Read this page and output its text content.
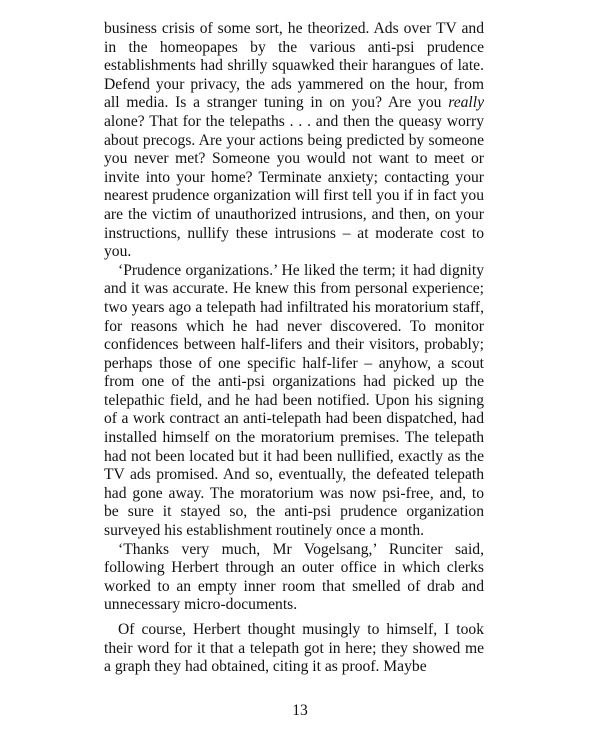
business crisis of some sort, he theorized. Ads over TV and in the homeopapes by the various anti-psi prudence establishments had shrilly squawked their harangues of late. Defend your privacy, the ads yammered on the hour, from all media. Is a stranger tuning in on you? Are you really alone? That for the telepaths . . . and then the queasy worry about precogs. Are your actions being predicted by someone you never met? Someone you would not want to meet or invite into your home? Terminate anxiety; contacting your nearest prudence organization will first tell you if in fact you are the victim of unauthorized intrusions, and then, on your instructions, nullify these intrusions – at moderate cost to you.

‘Prudence organizations.’ He liked the term; it had dignity and it was accurate. He knew this from personal experience; two years ago a telepath had infiltrated his moratorium staff, for reasons which he had never discovered. To monitor confidences between half-lifers and their visitors, probably; perhaps those of one specific half-lifer – anyhow, a scout from one of the anti-psi organizations had picked up the telepathic field, and he had been notified. Upon his signing of a work contract an anti-telepath had been dispatched, had installed himself on the moratorium premises. The telepath had not been located but it had been nullified, exactly as the TV ads promised. And so, eventually, the defeated telepath had gone away. The moratorium was now psi-free, and, to be sure it stayed so, the anti-psi prudence organization surveyed his establishment routinely once a month.

‘Thanks very much, Mr Vogelsang,’ Runciter said, following Herbert through an outer office in which clerks worked to an empty inner room that smelled of drab and unnecessary micro-documents.

Of course, Herbert thought musingly to himself, I took their word for it that a telepath got in here; they showed me a graph they had obtained, citing it as proof. Maybe

13
